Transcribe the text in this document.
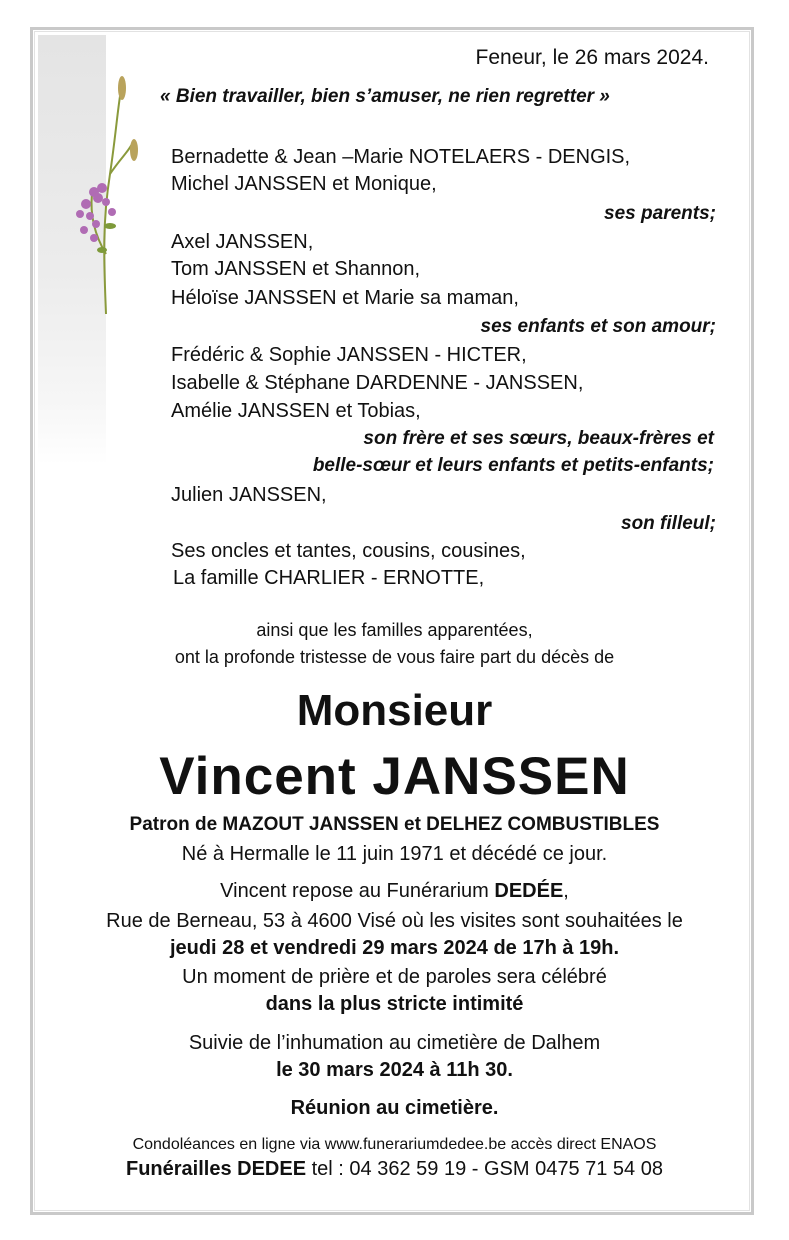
Feneur, le 26 mars 2024.

« Bien travailler, bien s’amuser, ne rien regretter »

Bernadette & Jean –Marie NOTELAERS - DENGIS,

Michel JANSSEN et Monique,

ses parents;

Axel JANSSEN,

Tom JANSSEN et Shannon,

Héloïse JANSSEN et Marie sa maman,

ses enfants et son amour;

Frédéric & Sophie JANSSEN - HICTER,

Isabelle & Stéphane DARDENNE - JANSSEN,

Amélie JANSSEN et Tobias,

son frère et ses sœurs, beaux-frères et

belle-sœur et leurs enfants et petits-enfants;

Julien JANSSEN,

son filleul;

Ses oncles et tantes, cousins, cousines,

La famille CHARLIER - ERNOTTE,

ainsi que les familles apparentées,

ont la profonde tristesse de vous faire part du décès de

Monsieur

Vincent JANSSEN

Patron de MAZOUT JANSSEN et DELHEZ COMBUSTIBLES

Né à Hermalle le 11 juin 1971 et décédé ce jour.

Vincent repose au Funérarium DEDÉE,

Rue de Berneau, 53 à 4600 Visé où les visites sont souhaitées le

jeudi 28 et vendredi 29 mars 2024 de 17h à 19h.

Un moment de prière et de paroles sera célébré

dans la plus stricte intimité

Suivie de l’inhumation au cimetière de Dalhem

le 30 mars 2024 à 11h 30.

Réunion au cimetière.

Condoléances en ligne via www.funerariumdedee.be accès direct ENAOS

Funérailles DEDEE tel : 04 362 59 19 - GSM 0475 71 54 08
